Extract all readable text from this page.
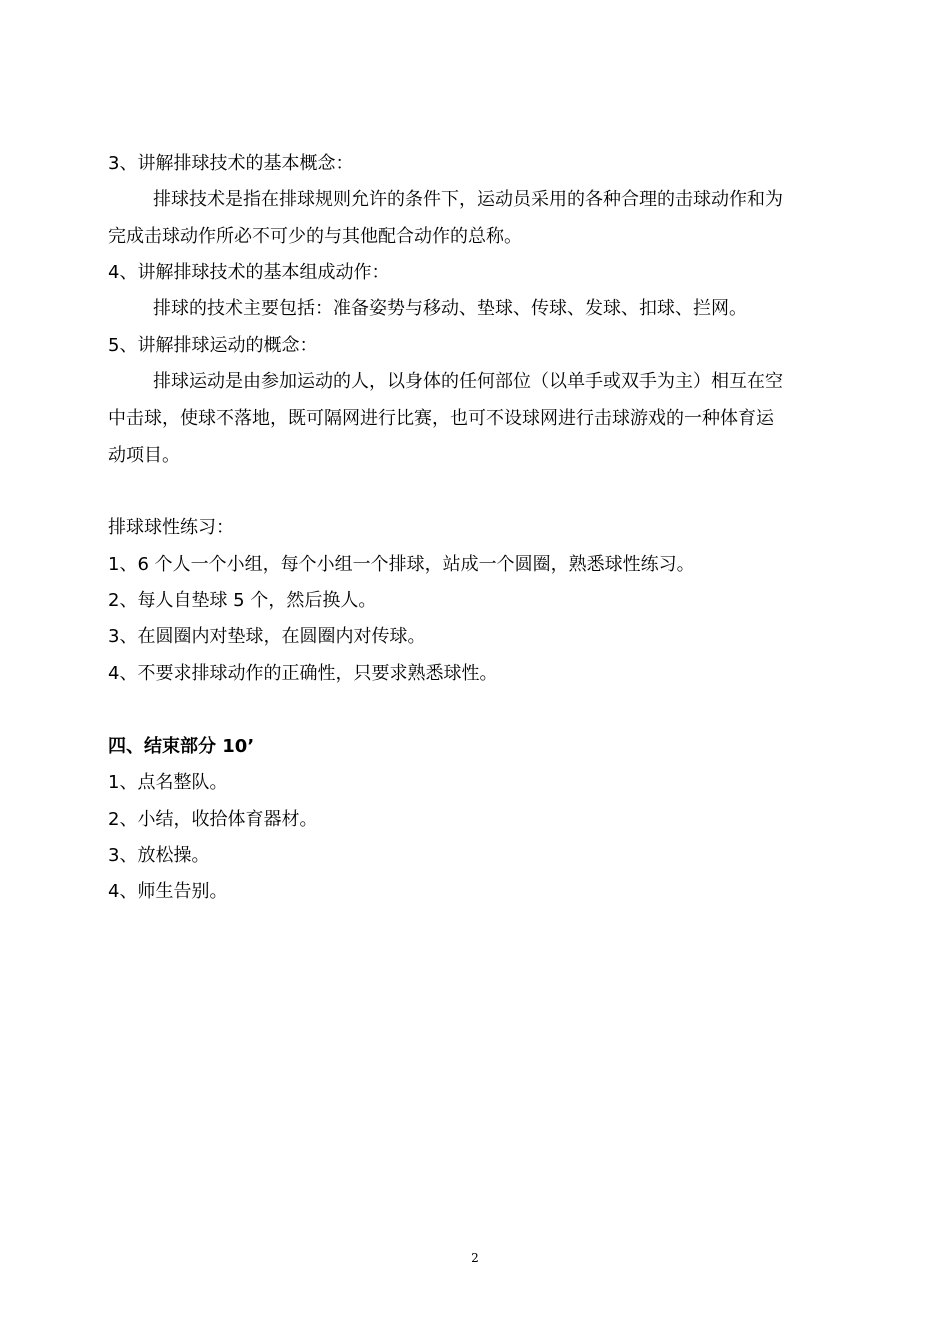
3、讲解排球技术的基本概念：
排球技术是指在排球规则允许的条件下，运动员采用的各种合理的击球动作和为
完成击球动作所必不可少的与其他配合动作的总称。
4、讲解排球技术的基本组成动作：
排球的技术主要包括：准备姿势与移动、垫球、传球、发球、扣球、拦网。
5、讲解排球运动的概念：
排球运动是由参加运动的人，以身体的任何部位（以单手或双手为主）相互在空
中击球，使球不落地，既可隔网进行比赛，也可不设球网进行击球游戏的一种体育运
动项目。
排球球性练习：
1、6 个人一个小组，每个小组一个排球，站成一个圆圈，熟悉球性练习。
2、每人自垫球 5 个，然后换人。
3、在圆圈内对垫球，在圆圈内对传球。
4、不要求排球动作的正确性，只要求熟悉球性。
四、结束部分 10’
1、点名整队。
2、小结，收拾体育器材。
3、放松操。
4、师生告别。
2
